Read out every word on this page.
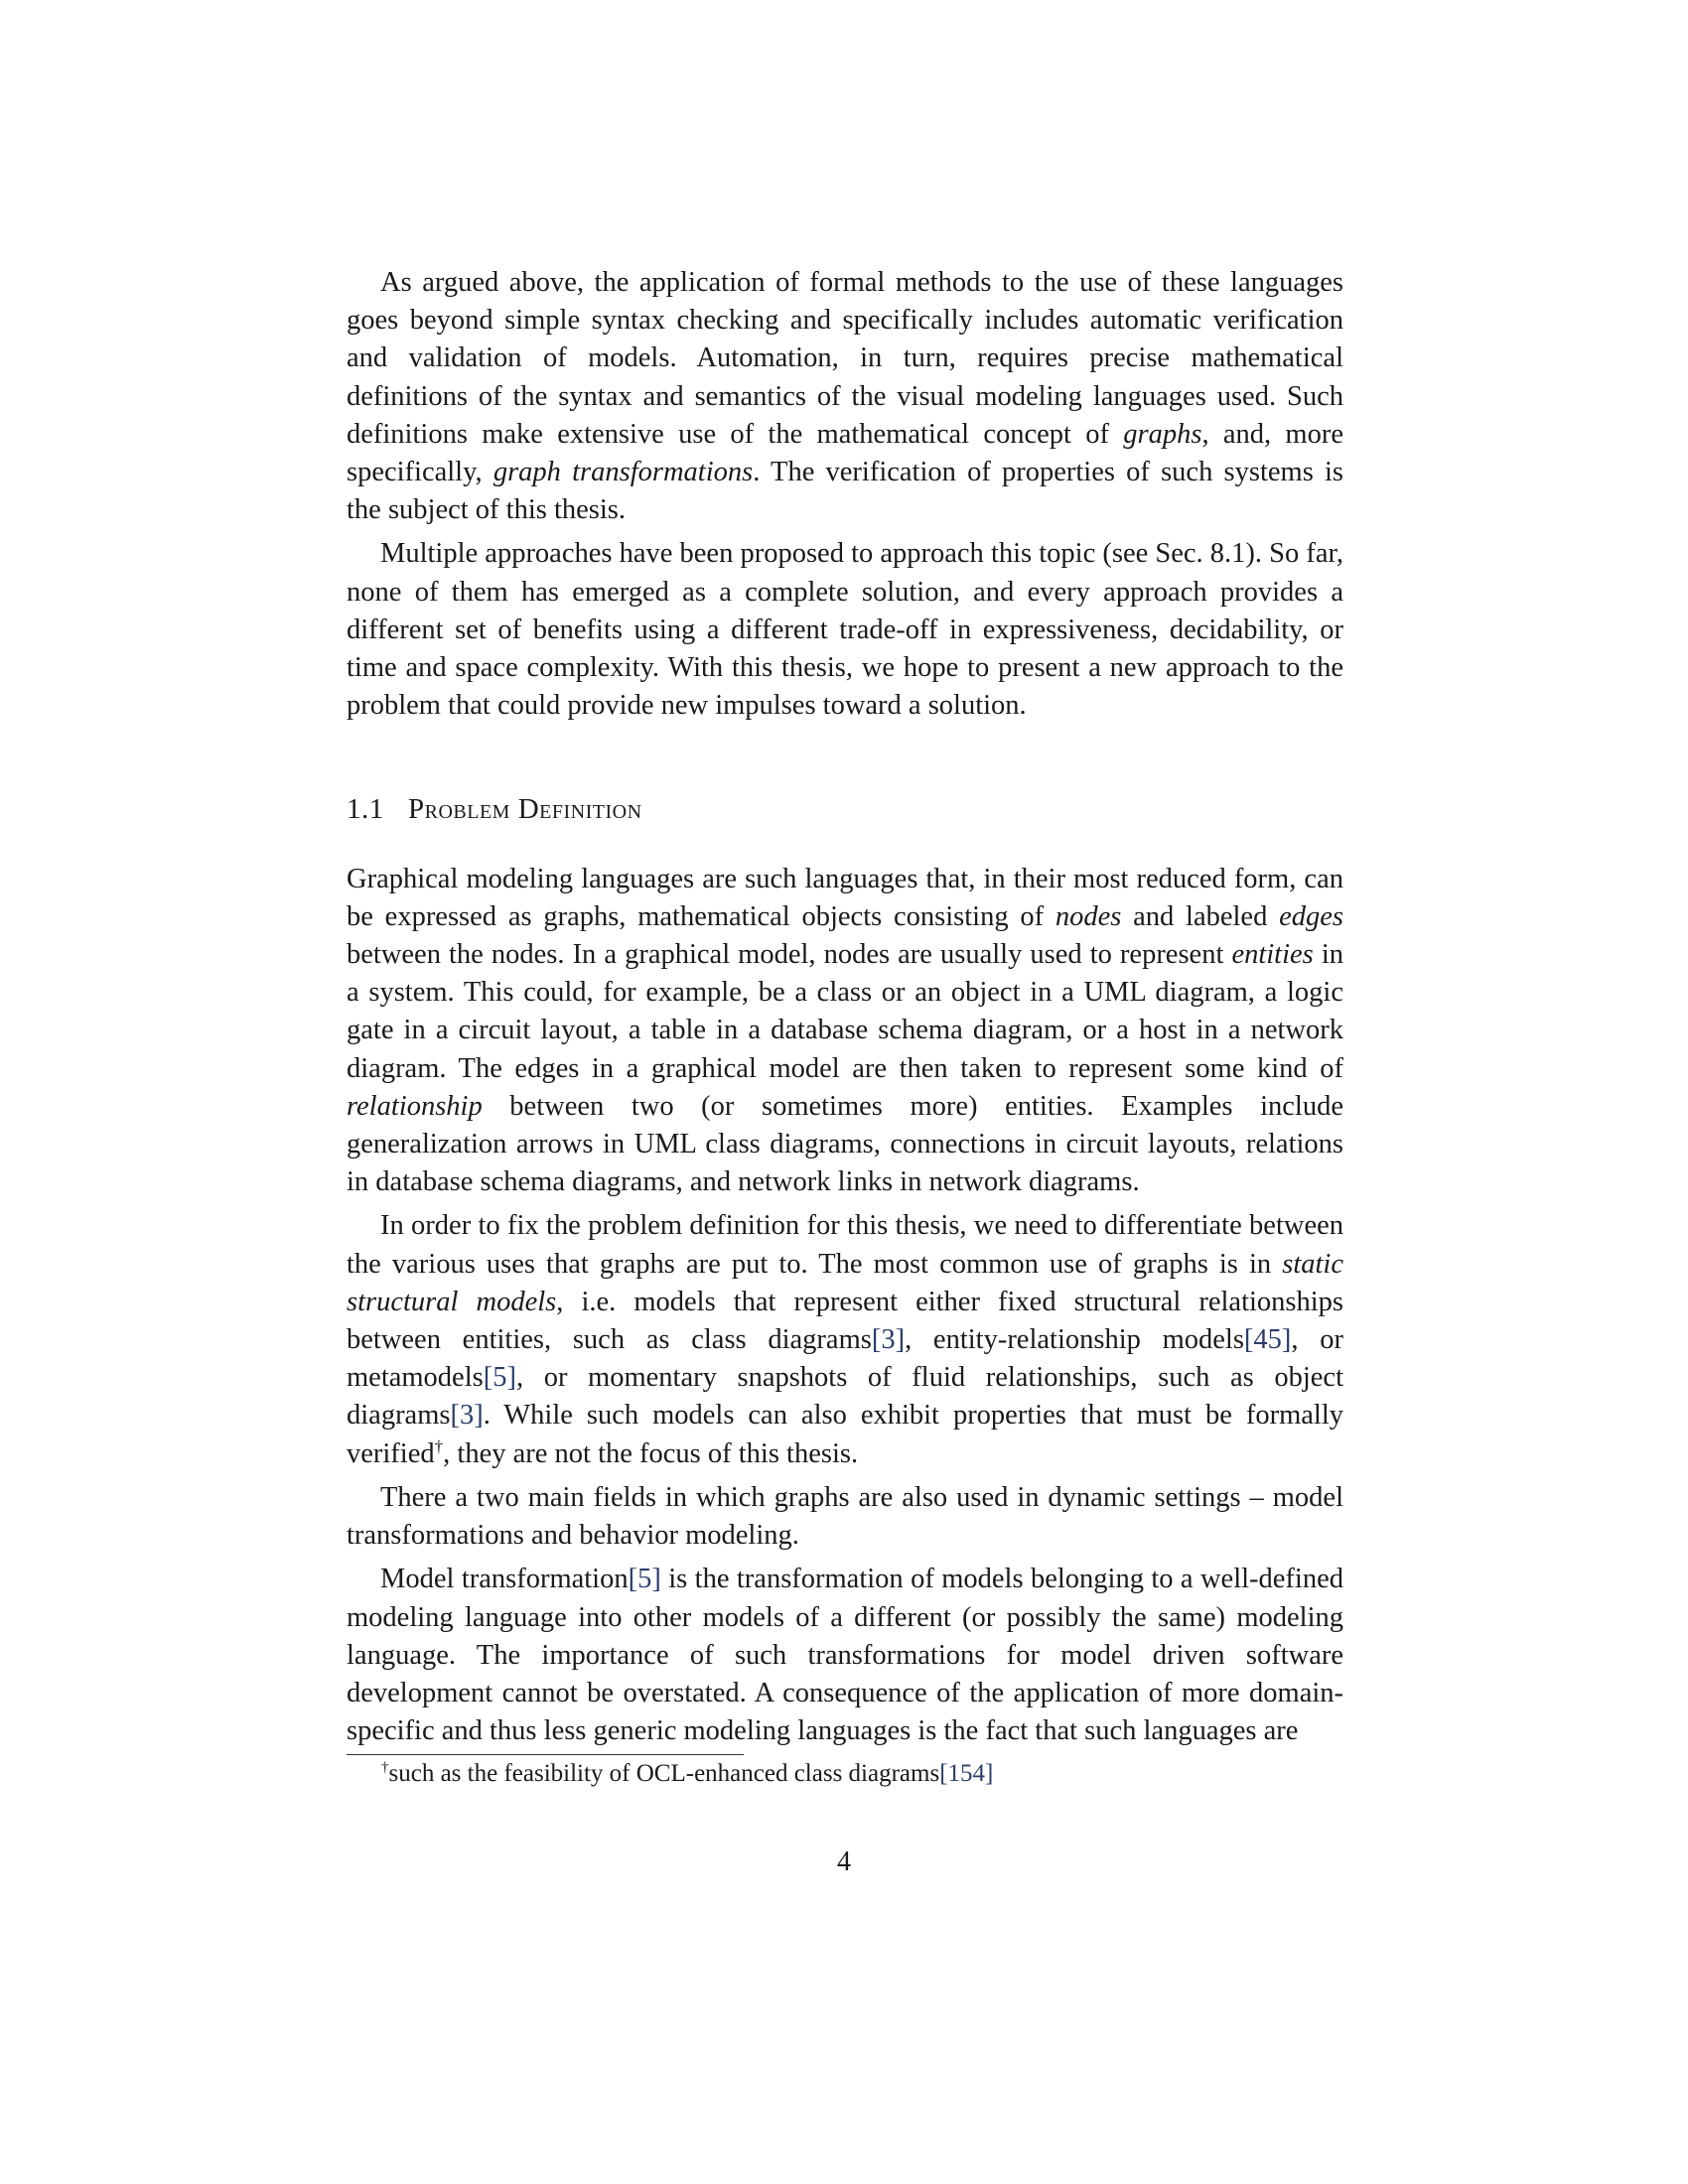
As argued above, the application of formal methods to the use of these languages goes beyond simple syntax checking and specifically includes automatic verification and validation of models. Automation, in turn, requires precise mathematical definitions of the syntax and semantics of the visual modeling languages used. Such definitions make extensive use of the mathematical concept of graphs, and, more specifically, graph transformations. The verification of properties of such systems is the subject of this thesis.

Multiple approaches have been proposed to approach this topic (see Sec. 8.1). So far, none of them has emerged as a complete solution, and every approach provides a different set of benefits using a different trade-off in expressiveness, decidability, or time and space complexity. With this thesis, we hope to present a new approach to the problem that could provide new impulses toward a solution.

1.1 Problem Definition

Graphical modeling languages are such languages that, in their most reduced form, can be expressed as graphs, mathematical objects consisting of nodes and labeled edges between the nodes. In a graphical model, nodes are usually used to represent entities in a system. This could, for example, be a class or an object in a UML diagram, a logic gate in a circuit layout, a table in a database schema diagram, or a host in a network diagram. The edges in a graphical model are then taken to represent some kind of relationship between two (or sometimes more) entities. Examples include generalization arrows in UML class diagrams, connections in circuit layouts, relations in database schema diagrams, and network links in network diagrams.

In order to fix the problem definition for this thesis, we need to differentiate between the various uses that graphs are put to. The most common use of graphs is in static structural models, i.e. models that represent either fixed structural relationships between entities, such as class diagrams[3], entity-relationship models[45], or metamodels[5], or momentary snapshots of fluid relationships, such as object diagrams[3]. While such models can also exhibit properties that must be formally verified†, they are not the focus of this thesis.

There a two main fields in which graphs are also used in dynamic settings – model transformations and behavior modeling.

Model transformation[5] is the transformation of models belonging to a well-defined modeling language into other models of a different (or possibly the same) modeling language. The importance of such transformations for model driven software development cannot be overstated. A consequence of the application of more domain-specific and thus less generic modeling languages is the fact that such languages are

†such as the feasibility of OCL-enhanced class diagrams[154]
4
